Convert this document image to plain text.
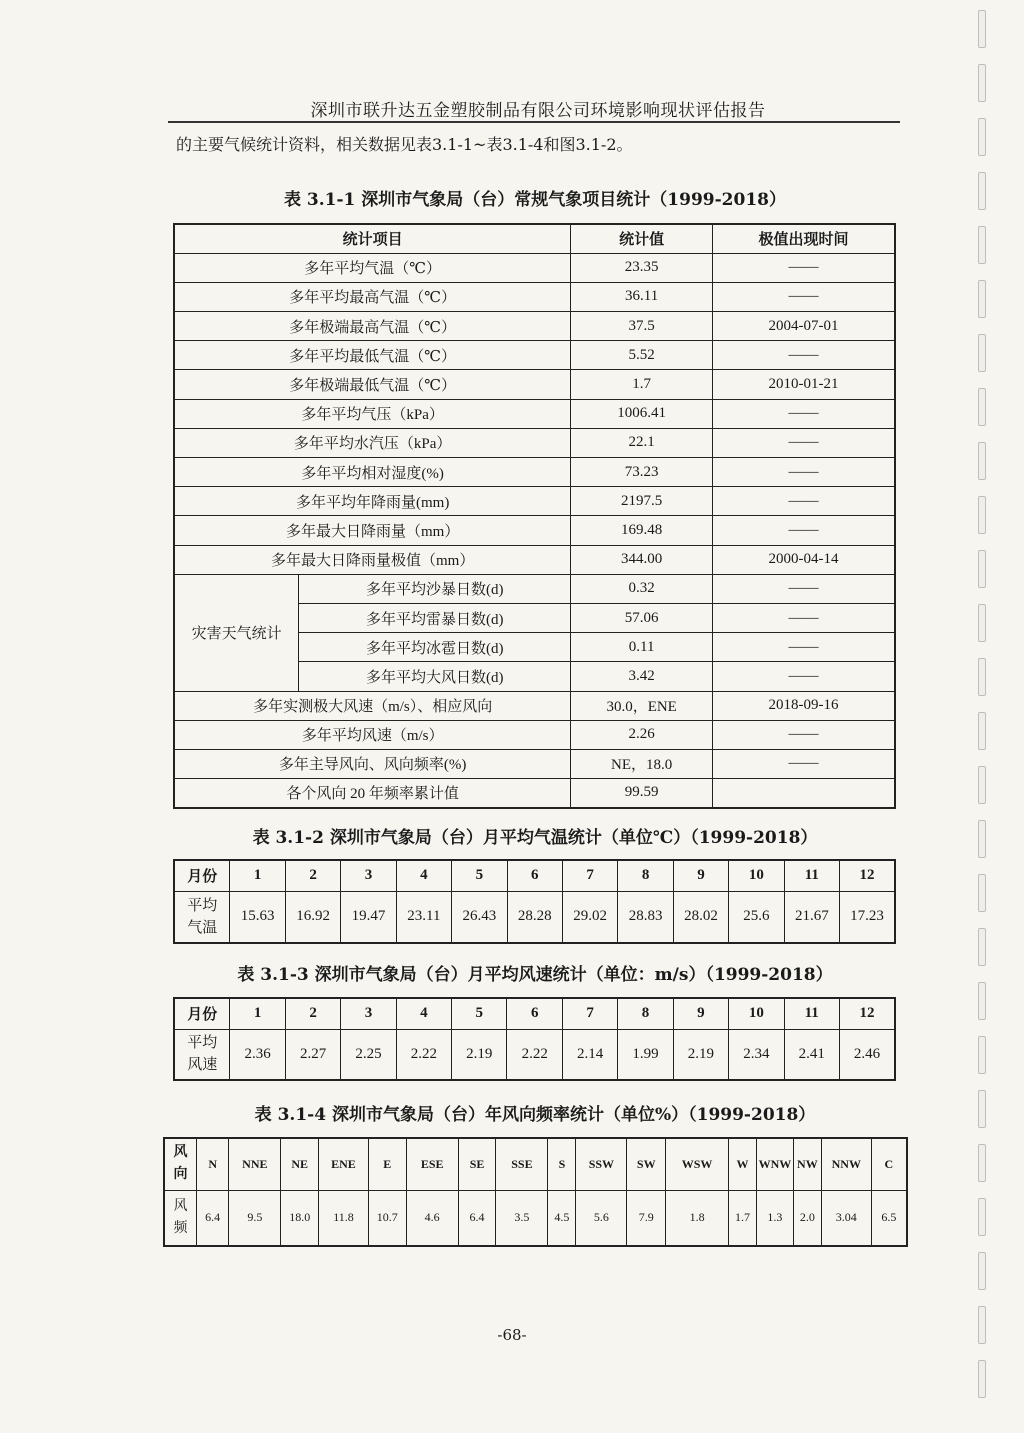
深圳市联升达五金塑胶制品有限公司环境影响现状评估报告
的主要气候统计资料，相关数据见表3.1-1~表3.1-4和图3.1-2。
表 3.1-1 深圳市气象局（台）常规气象项目统计（1999-2018）
统计项目		统计值	极值出现时间
多年平均气温（℃）		23.35	——
多年平均最高气温（℃）		36.11	——
多年极端最高气温（℃）		37.5	2004-07-01
多年平均最低气温（℃）		5.52	——
多年极端最低气温（℃）		1.7	2010-01-21
多年平均气压（kPa）		1006.41	——
多年平均水汽压（kPa）		22.1	——
多年平均相对湿度(%)		73.23	——
多年平均年降雨量(mm)		2197.5	——
多年最大日降雨量（mm）		169.48	——
多年最大日降雨量极值（mm）		344.00	2000-04-14
灾害天气统计	多年平均沙暴日数(d)	0.32	——
	多年平均雷暴日数(d)	57.06	——
	多年平均冰雹日数(d)	0.11	——
	多年平均大风日数(d)	3.42	——
多年实测极大风速（m/s）、相应风向		30.0，ENE	2018-09-16
多年平均风速（m/s）		2.26	——
多年主导风向、风向频率(%)		NE，18.0	——
各个风向 20 年频率累计值		99.59	
表 3.1-2 深圳市气象局（台）月平均气温统计（单位℃）（1999-2018）
月份	1	2	3	4	5	6	7	8	9	10	11	12
平均气温	15.63	16.92	19.47	23.11	26.43	28.28	29.02	28.83	28.02	25.6	21.67	17.23
表 3.1-3 深圳市气象局（台）月平均风速统计（单位：m/s）（1999-2018）
月份	1	2	3	4	5	6	7	8	9	10	11	12
平均风速	2.36	2.27	2.25	2.22	2.19	2.22	2.14	1.99	2.19	2.34	2.41	2.46
表 3.1-4 深圳市气象局（台）年风向频率统计（单位%）（1999-2018）
风向	N	NNE	NE	ENE	E	ESE	SE	SSE	S	SSW	SW	WSW	W	WNW	NW	NNW	C
风频	6.4	9.5	18.0	11.8	10.7	4.6	6.4	3.5	4.5	5.6	7.9	1.8	1.7	1.3	2.0	3.04	6.5
-68-
